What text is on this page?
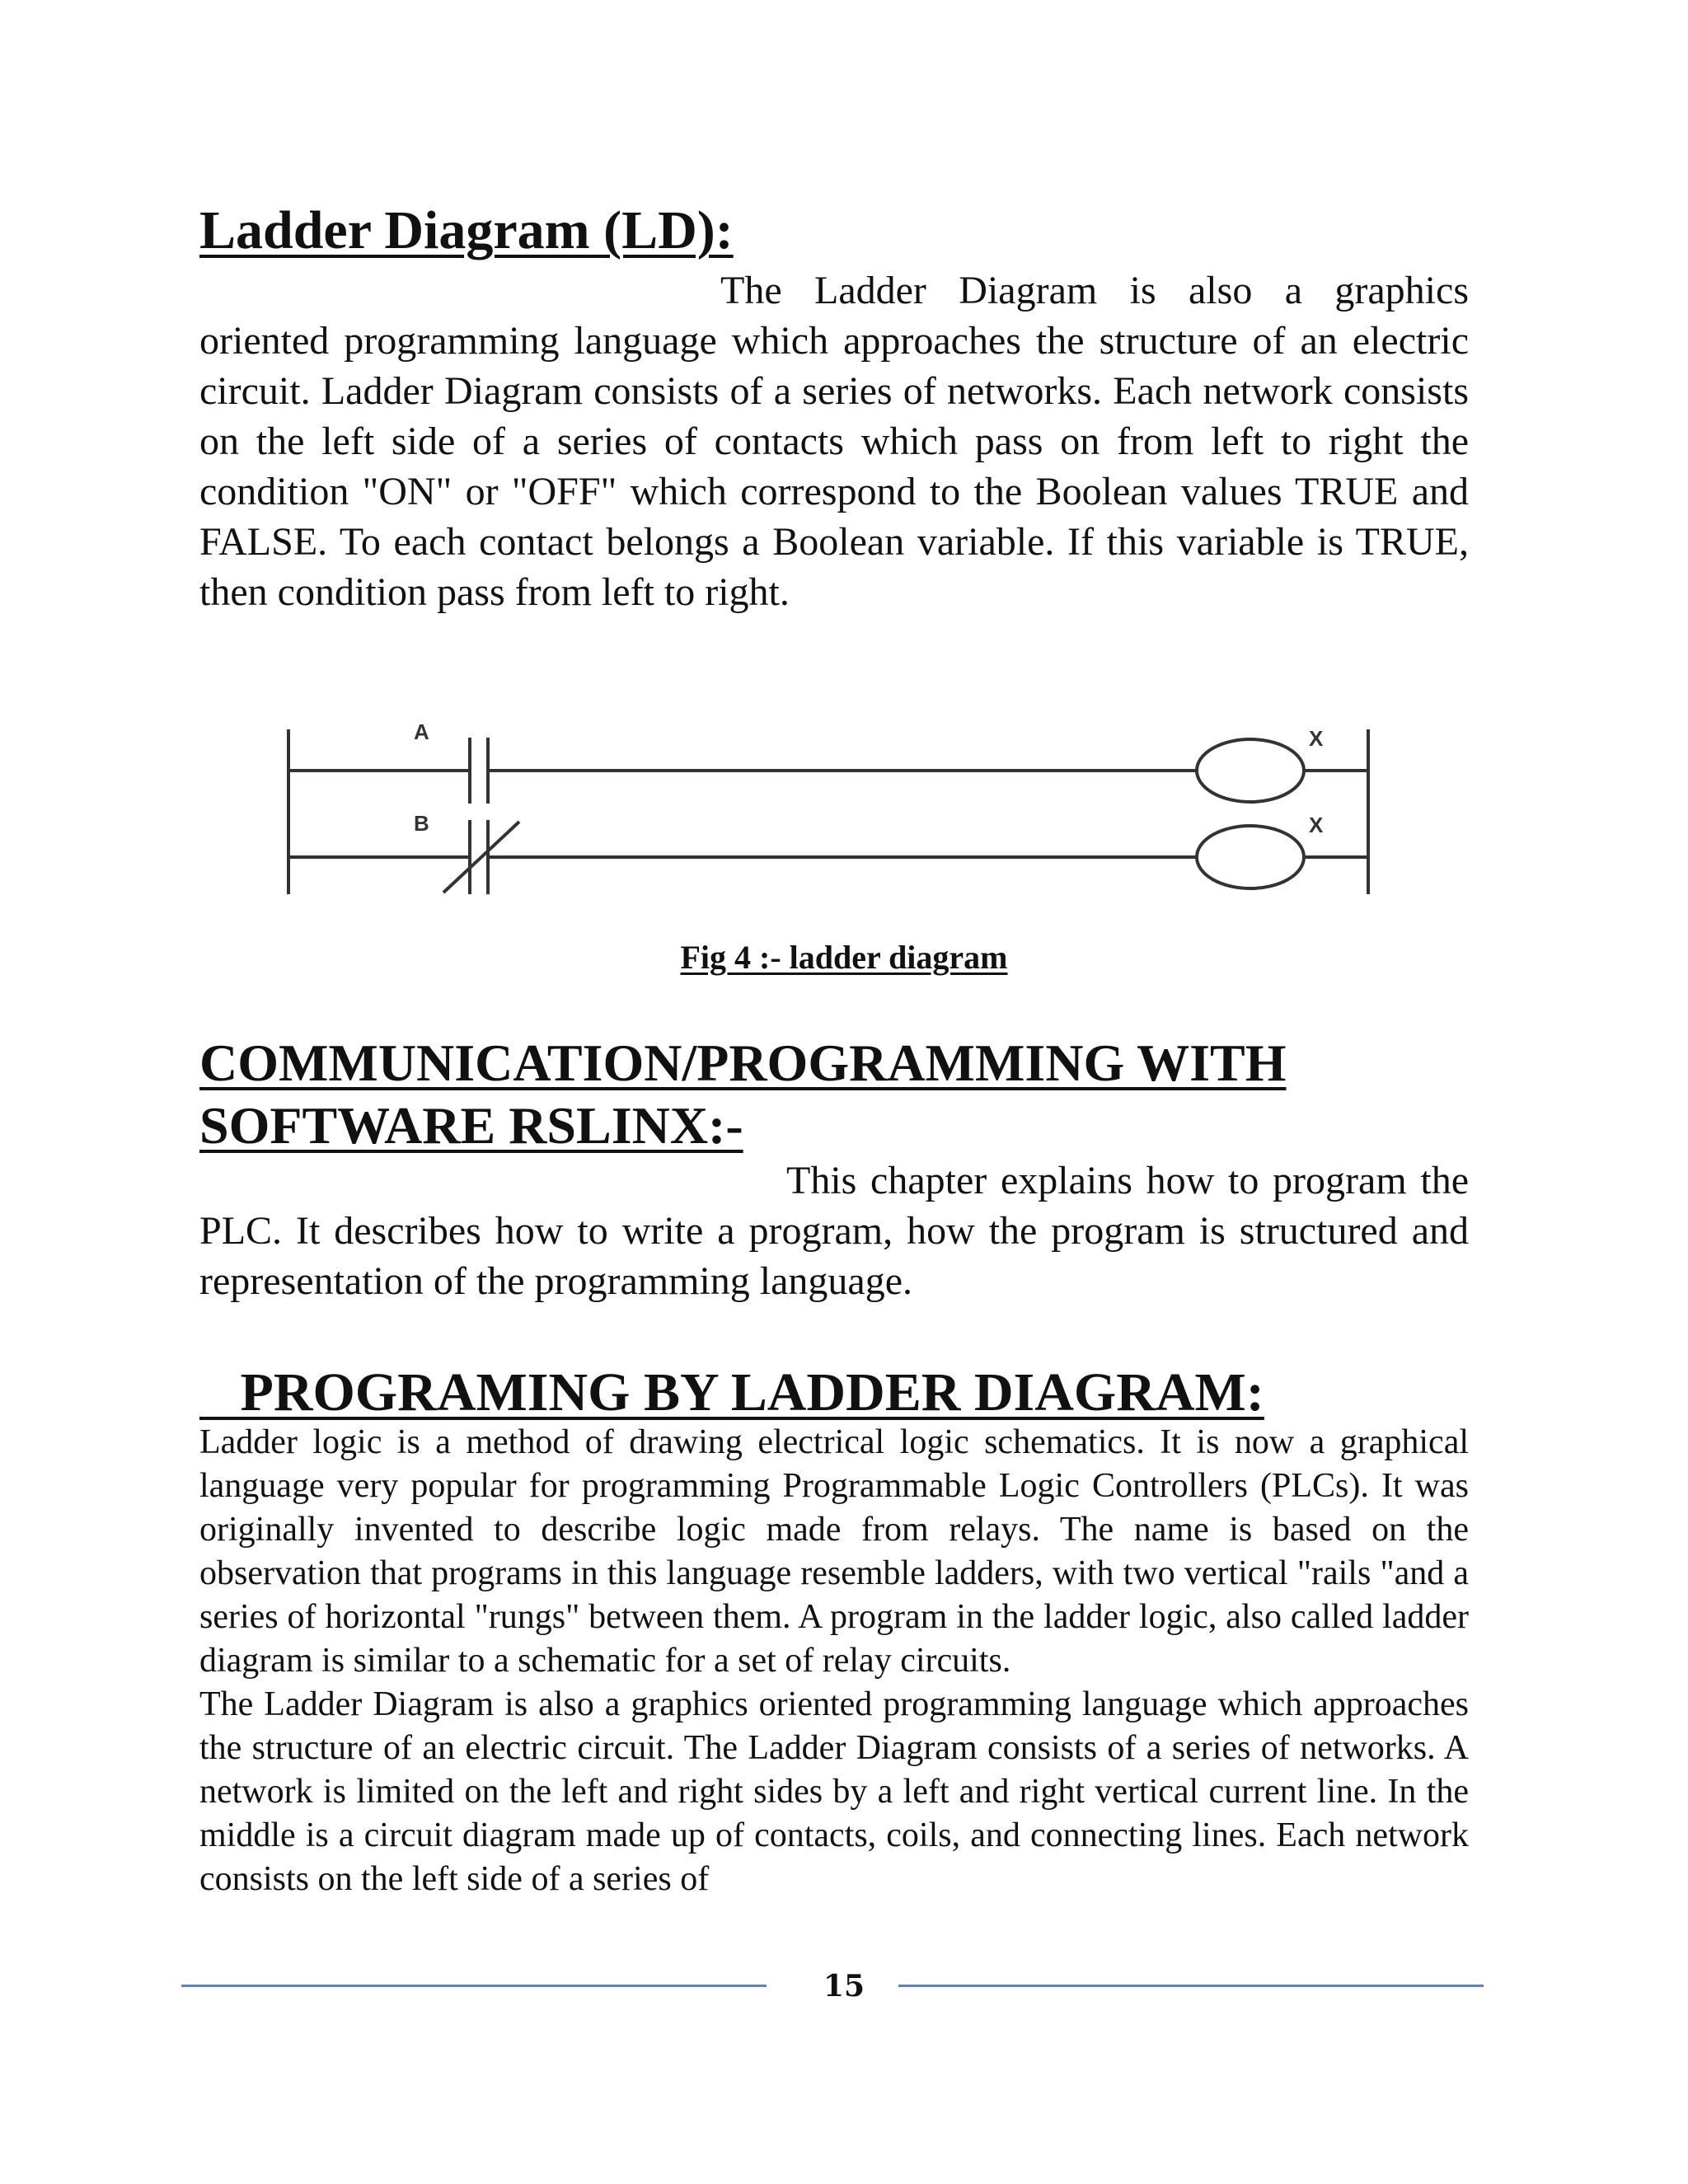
Ladder Diagram (LD):

The Ladder Diagram is also a graphics oriented programming language which approaches the structure of an electric circuit. Ladder Diagram consists of a series of networks. Each network consists on the left side of a series of contacts which pass on from left to right the condition "ON" or "OFF" which correspond to the Boolean values TRUE and FALSE. To each contact belongs a Boolean variable. If this variable is TRUE, then condition pass from left to right.

A
B
X
X

Fig 4 :- ladder diagram

COMMUNICATION/PROGRAMMING WITH
SOFTWARE RSLINX:-

This chapter explains how to program the PLC. It describes how to write a program, how the program is structured and representation of the programming language.

PROGRAMING BY LADDER DIAGRAM:

Ladder logic is a method of drawing electrical logic schematics. It is now a graphical language very popular for programming Programmable Logic Controllers (PLCs). It was originally invented to describe logic made from relays. The name is based on the observation that programs in this language resemble ladders, with two vertical "rails "and a series of horizontal "rungs" between them. A program in the ladder logic, also called ladder diagram is similar to a schematic for a set of relay circuits.

The Ladder Diagram is also a graphics oriented programming language which approaches the structure of an electric circuit. The Ladder Diagram consists of a series of networks. A network is limited on the left and right sides by a left and right vertical current line. In the middle is a circuit diagram made up of contacts, coils, and connecting lines. Each network consists on the left side of a series of

15
